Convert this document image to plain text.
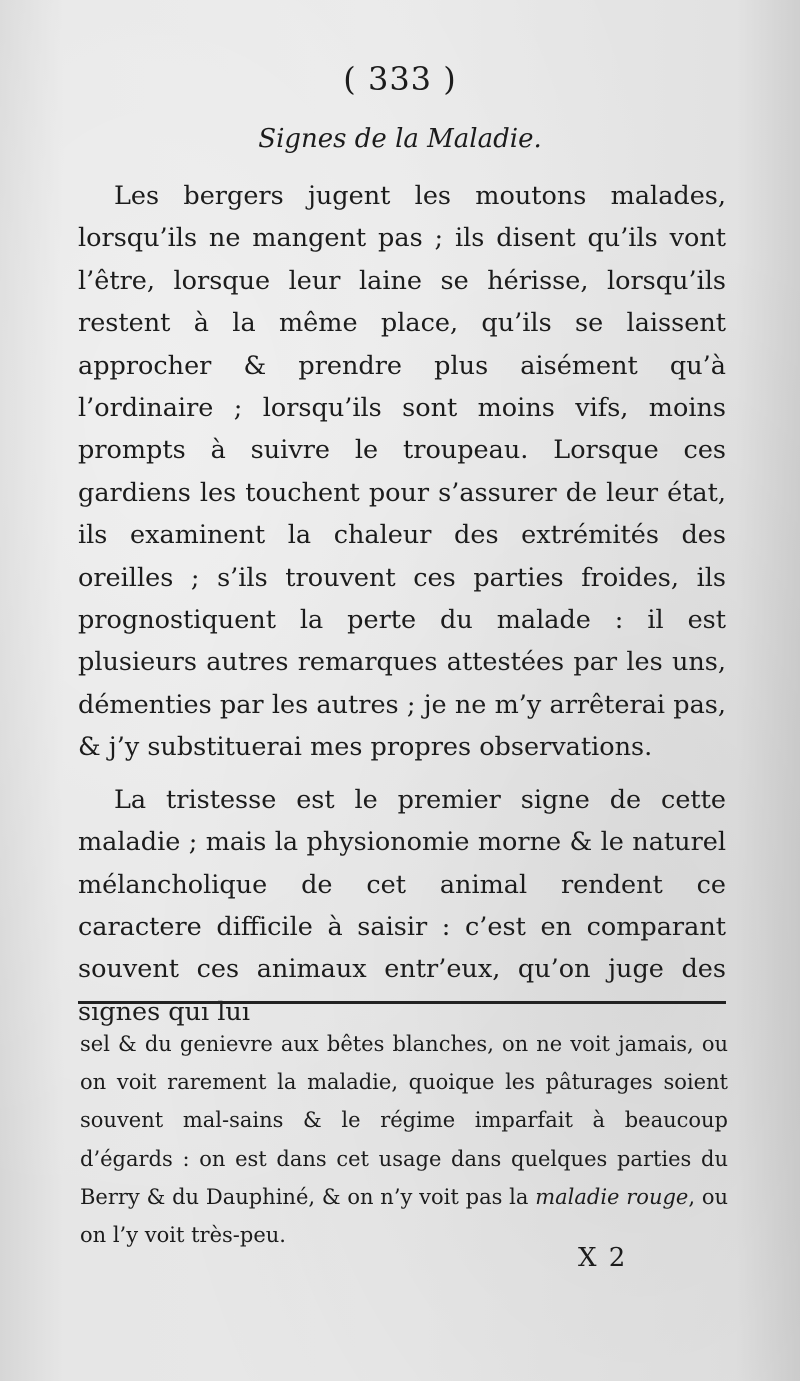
( 333 )
Signes de la Maladie.

Les bergers jugent les moutons malades, lorsqu’ils ne mangent pas ; ils disent qu’ils vont l’être, lorsque leur laine se hérisse, lorsqu’ils restent à la même place, qu’ils se laissent approcher & prendre plus aisément qu’à l’ordinaire ; lorsqu’ils sont moins vifs, moins prompts à suivre le troupeau. Lorsque ces gardiens les touchent pour s’assurer de leur état, ils examinent la chaleur des extrémités des oreilles ; s’ils trouvent ces parties froides, ils prognostiquent la perte du malade : il est plusieurs autres remarques attestées par les uns, démenties par les autres ; je ne m’y arrêterai pas, & j’y substituerai mes propres observations.

La tristesse est le premier signe de cette maladie ; mais la physionomie morne & le naturel mélancholique de cet animal rendent ce caractere difficile à saisir : c’est en comparant souvent ces animaux entr’eux, qu’on juge des signes qui lui

sel & du genievre aux bêtes blanches, on ne voit jamais, ou on voit rarement la maladie, quoique les pâturages soient souvent mal-sains & le régime imparfait à beaucoup d’égards : on est dans cet usage dans quelques parties du Berry & du Dauphiné, & on n’y voit pas la maladie rouge, ou on l’y voit très-peu.

X 2
